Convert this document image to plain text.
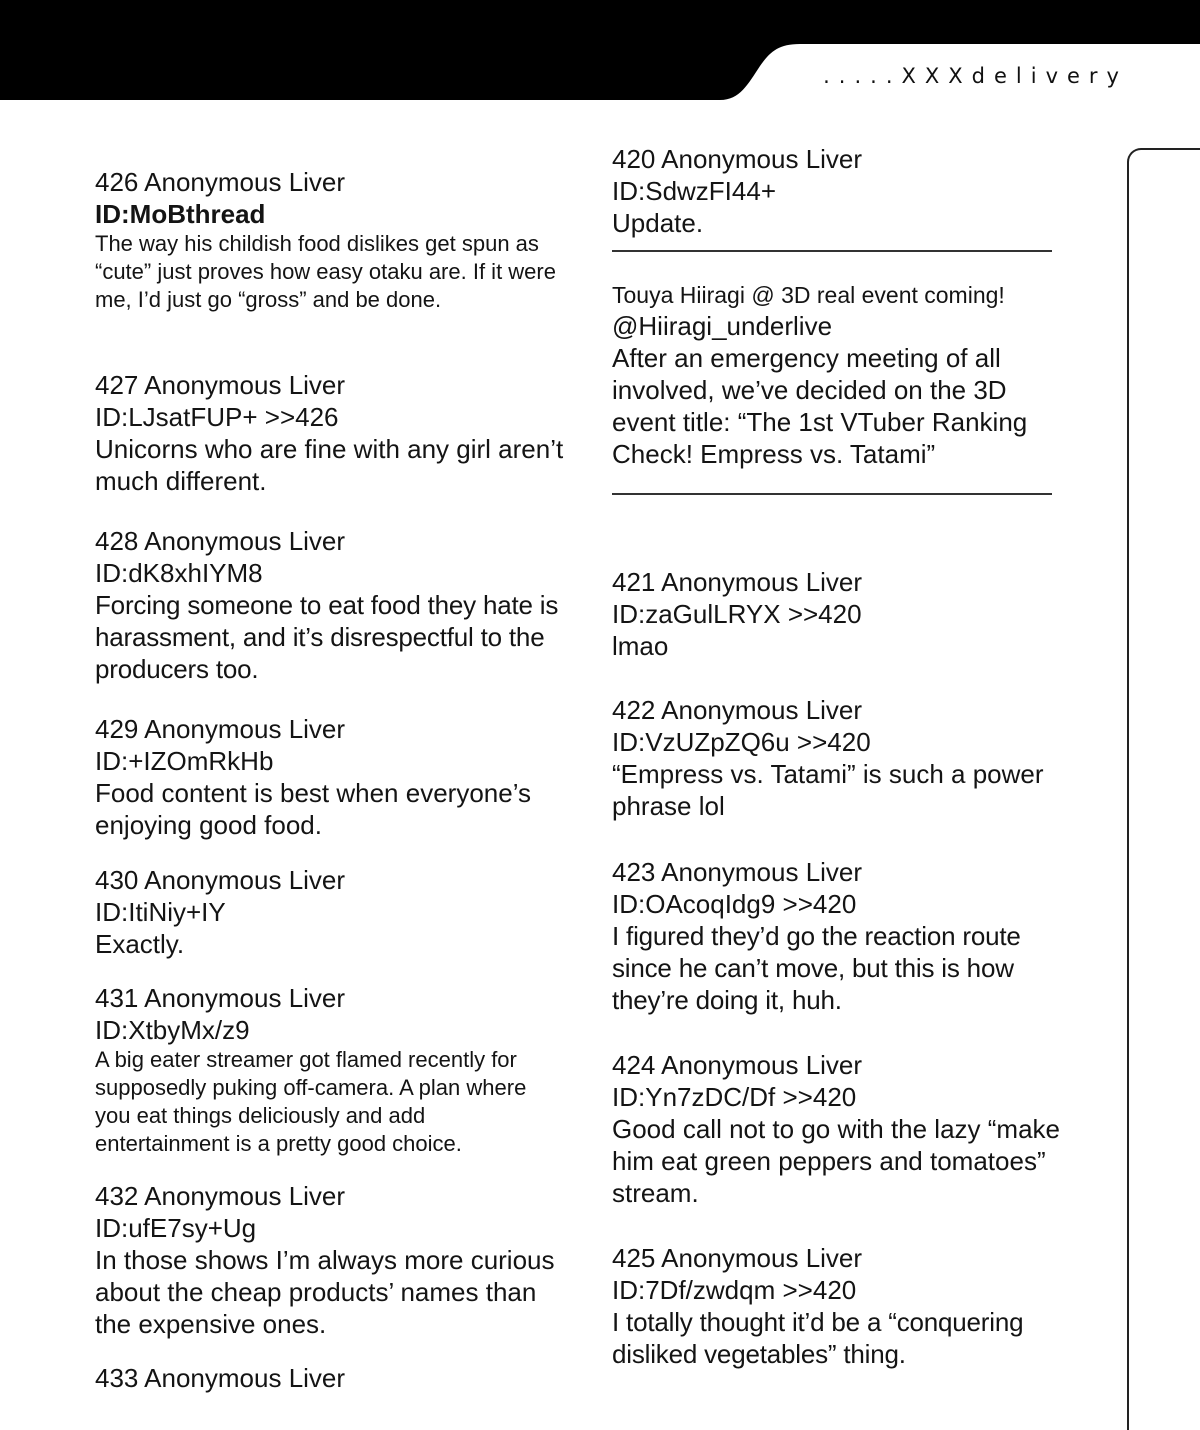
.....XXXdelivery

426 Anonymous Liver

ID:MoBthread

The way his childish food dislikes get spun as “cute” just proves how easy otaku are. If it were me, I’d just go “gross” and be done.

427 Anonymous Liver

ID:LJsatFUP+ >>426

Unicorns who are fine with any girl aren’t much different.

428 Anonymous Liver

ID:dK8xhIYM8

Forcing someone to eat food they hate is harassment, and it’s disrespectful to the producers too.

429 Anonymous Liver

ID:+IZOmRkHb

Food content is best when everyone’s enjoying good food.

430 Anonymous Liver

ID:ItiNiy+IY

Exactly.

431 Anonymous Liver

ID:XtbyMx/z9

A big eater streamer got flamed recently for supposedly puking off-camera. A plan where you eat things deliciously and add entertainment is a pretty good choice.

432 Anonymous Liver

ID:ufE7sy+Ug

In those shows I’m always more curious about the cheap products’ names than the expensive ones.

433 Anonymous Liver

420 Anonymous Liver

ID:SdwzFI44+

Update.

Touya Hiiragi @ 3D real event coming!

@Hiiragi_underlive

After an emergency meeting of all involved, we’ve decided on the 3D event title: “The 1st VTuber Ranking Check! Empress vs. Tatami”

421 Anonymous Liver

ID:zaGulLRYX >>420

lmao

422 Anonymous Liver

ID:VzUZpZQ6u >>420

“Empress vs. Tatami” is such a power phrase lol

423 Anonymous Liver

ID:OAcoqIdg9 >>420

I figured they’d go the reaction route since he can’t move, but this is how they’re doing it, huh.

424 Anonymous Liver

ID:Yn7zDC/Df >>420

Good call not to go with the lazy “make him eat green peppers and tomatoes” stream.

425 Anonymous Liver

ID:7Df/zwdqm >>420

I totally thought it’d be a “conquering disliked vegetables” thing.
